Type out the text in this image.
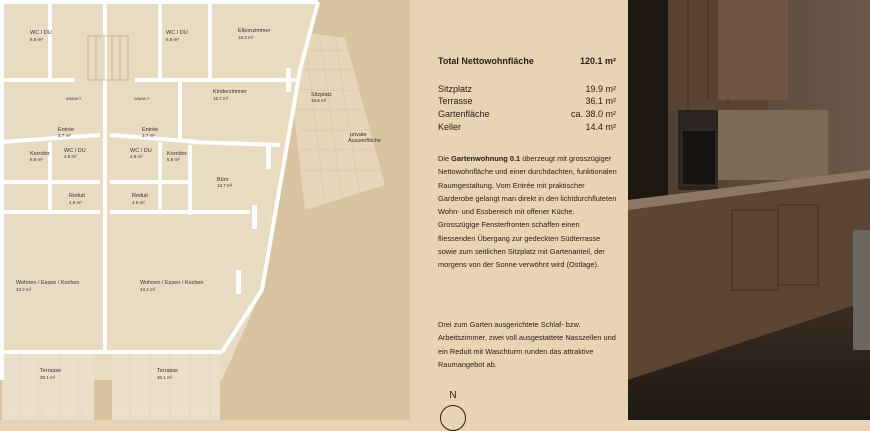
WC / DU
6.8 m²
WC / DU
6.8 m²
Elternzimmer
18.3 m²
Kinderzimmer
15.7 m²
Sitzplatz
19.9 m²
Entrée
3.7 m²
Entrée
3.7 m²
Korridor
8.8 m²
WC / DU
4.9 m²
WC / DU
4.9 m²	Korridor
5.8 m²
Büro
13.7 m²
Reduit
4.9 m²
Reduit
4.9 m²
Wohnen / Essen / Kochen
43.2 m²
Wohnen / Essen / Kochen
43.2 m²
Terrasse
36.1 m²
Terrasse
36.1 m²
private
Aussenfläche
WM/W.T	WM/W.T
Total Nettowohnfläche	120.1 m²
Sitzplatz	19.9 m²
Terrasse	36.1 m²
Gartenfläche	ca. 38.0 m²
Keller	14.4 m²

Die Gartenwohnung 0.1 überzeugt mit grosszügiger Nettowohnfläche und einer durchdachten, funktionalen Raumgestaltung. Vom Entrée mit praktischer Garderobe gelangt man direkt in den lichtdurchfluteten Wohn- und Essbereich mit offener Küche. Grosszügige Fensterfronten schaffen einen fliessenden Übergang zur gedeckten Südterrasse sowie zum seitlichen Sitzplatz mit Gartenanteil, der morgens von der Sonne verwöhnt wird (Ostlage).

Drei zum Garten ausgerichtete Schlaf- bzw. Arbeitszimmer, zwei voll ausgestattete Nasszellen und ein Reduit mit Waschturm runden das attraktive Raumangebot ab.

N
